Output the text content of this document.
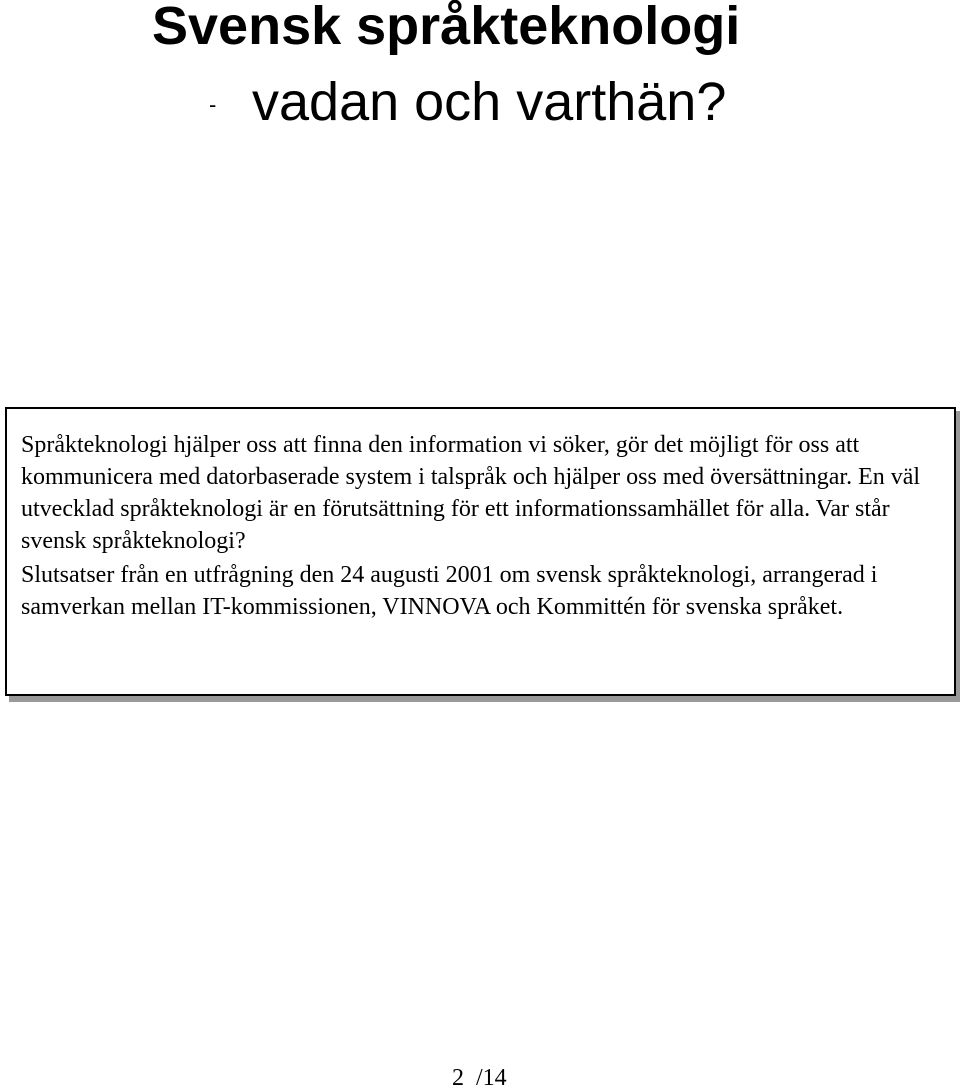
Svensk språkteknologi
- vadan och varthän?

Språkteknologi hjälper oss att finna den information vi söker, gör det möjligt för oss att kommunicera med datorbaserade system i talspråk och hjälper oss med översättningar. En väl utvecklad språkteknologi är en förutsättning för ett informationssamhället för alla. Var står svensk språkteknologi?

Slutsatser från en utfrågning den 24 augusti 2001 om svensk språkteknologi, arrangerad i samverkan mellan IT-kommissionen, VINNOVA och Kommittén för svenska språket.

2  /14
